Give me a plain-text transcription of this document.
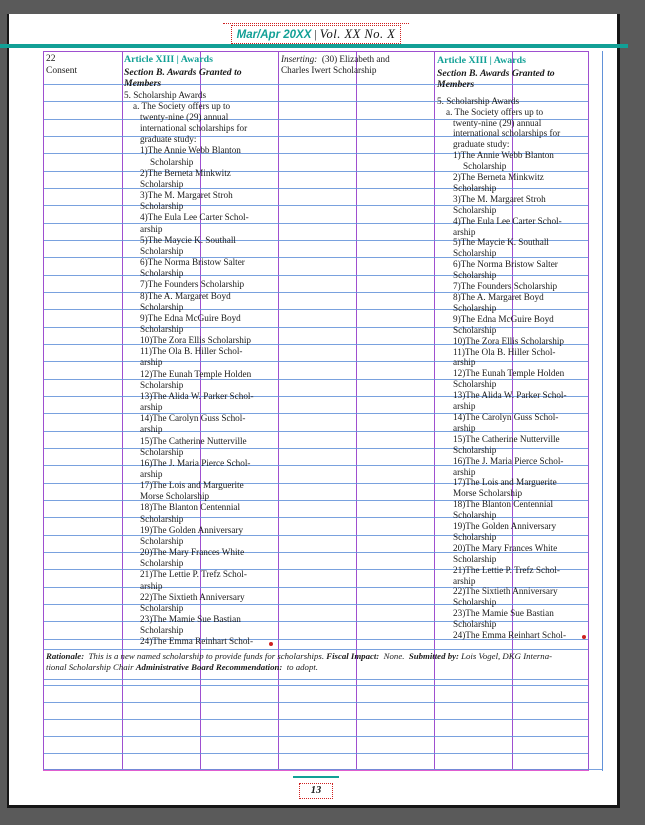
Mar/Apr 20XX | Vol. XX No. X
22
Consent
Article XIII | Awards
Section B. Awards Granted to
Members
5. Scholarship Awards
a. The Society offers up to
twenty-nine (29) annual
international scholarships for
graduate study:
1)The Annie Webb Blanton
Scholarship
2)The Berneta Minkwitz
Scholarship
3)The M. Margaret Stroh
Scholarship
4)The Eula Lee Carter Schol-
arship
5)The Maycie K. Southall
Scholarship
6)The Norma Bristow Salter
Scholarship
7)The Founders Scholarship
8)The A. Margaret Boyd
Scholarship
9)The Edna McGuire Boyd
Scholarship
10)The Zora Ellis Scholarship
11)The Ola B. Hiller Schol-
arship
12)The Eunah Temple Holden
Scholarship
13)The Alida W. Parker Schol-
arship
14)The Carolyn Guss Schol-
arship
15)The Catherine Nutterville
Scholarship
16)The J. Maria Pierce Schol-
arship
17)The Lois and Marguerite
Morse Scholarship
18)The Blanton Centennial
Scholarship
19)The Golden Anniversary
Scholarship
20)The Mary Frances White
Scholarship
21)The Lettie P. Trefz Schol-
arship
22)The Sixtieth Anniversary
Scholarship
23)The Mamie Sue Bastian
Scholarship
24)The Emma Reinhart Schol-
Inserting:  (30) Elizabeth and
Charles Iwert Scholarship
Article XIII | Awards
Section B. Awards Granted to
Members
5. Scholarship Awards
a. The Society offers up to
twenty-nine (29) annual
international scholarships for
graduate study:
1)The Annie Webb Blanton
Scholarship
2)The Berneta Minkwitz
Scholarship
3)The M. Margaret Stroh
Scholarship
4)The Eula Lee Carter Schol-
arship
5)The Maycie K. Southall
Scholarship
6)The Norma Bristow Salter
Scholarship
7)The Founders Scholarship
8)The A. Margaret Boyd
Scholarship
9)The Edna McGuire Boyd
Scholarship
10)The Zora Ellis Scholarship
11)The Ola B. Hiller Schol-
arship
12)The Eunah Temple Holden
Scholarship
13)The Alida W. Parker Schol-
arship
14)The Carolyn Guss Schol-
arship
15)The Catherine Nutterville
Scholarship
16)The J. Maria Pierce Schol-
arship
17)The Lois and Marguerite
Morse Scholarship
18)The Blanton Centennial
Scholarship
19)The Golden Anniversary
Scholarship
20)The Mary Frances White
Scholarship
21)The Lettie P. Trefz Schol-
arship
22)The Sixtieth Anniversary
Scholarship
23)The Mamie Sue Bastian
Scholarship
24)The Emma Reinhart Schol-
Rationale:  This is a new named scholarship to provide funds for scholarships. Fiscal Impact:  None.  Submitted by: Lois Vogel, DKG Interna-
tional Scholarship Chair Administrative Board Recommendation:  to adopt.
13
